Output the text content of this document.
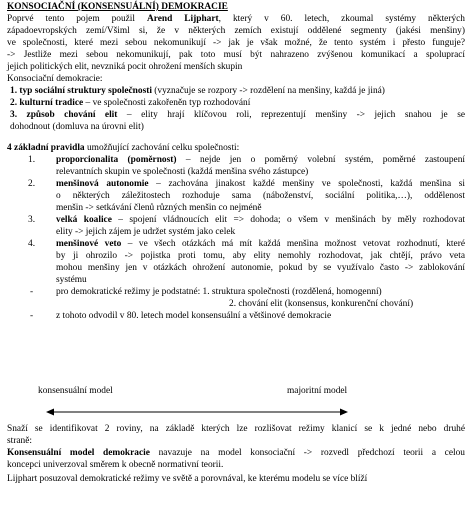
KONSOCIAČNÍ (KONSENSUÁLNÍ) DEMOKRACIE
Poprvé tento pojem použil Arend Lijphart, který v 60. letech, zkoumal systémy některých
západoevropských zemí/Všiml si, že v některých zemích existují oddělené segmenty (jakési menšiny)
ve společnosti, které mezi sebou nekomunikují -> jak je však možné, že tento systém i přesto funguje?
-> Jestliže mezi sebou nekomunikují, pak toto musí být nahrazeno zvýšenou komunikací a spoluprací
jejich politických elit, nevzniká pocit ohrožení menších skupin
Konsociační demokracie:
1. typ sociální struktury společnosti (vyznačuje se rozpory -> rozdělení na menšiny, každá je jiná)
2. kulturní tradice – ve společnosti zakořeněn typ rozhodování
3. způsob chování elit – elity hrají klíčovou roli, reprezentují menšiny -> jejich snahou je se
dohodnout (domluva na úrovni elit)
4 základní pravidla umožňující zachování celku společnosti:
1. proporcionalita (poměrnost) – nejde jen o poměrný volební systém, poměrné zastoupení
relevantních skupin ve společnosti (každá menšina svého zástupce)
2. menšinová autonomie – zachována jinakost každé menšiny ve společnosti, každá menšina si
o některých záležitostech rozhoduje sama (náboženství, sociální politika,…), oddělenost
menšin -> setkávání členů různých menšin co nejméně
3. velká koalice – spojení vládnoucích elit => dohoda; o všem v menšinách by měly rozhodovat
elity -> jejich zájem je udržet systém jako celek
4. menšinové veto – ve všech otázkách má mít každá menšina možnost vetovat rozhodnutí, které
by ji ohrozilo -> pojistka proti tomu, aby elity nemohly rozhodovat, jak chtějí, právo veta
mohou menšiny jen v otázkách ohrožení autonomie, pokud by se využívalo často -> zablokování
systému
- pro demokratické režimy je podstatné: 1. struktura společnosti (rozdělená, homogenní)
2. chování elit (konsensus, konkurenční chování)
- z tohoto odvodil v 80. letech model konsensuální a většinové demokracie
konsensuální model	majoritní model
Snaží se identifikovat 2 roviny, na základě kterých lze rozlišovat režimy klanicí se k jedné nebo druhé
straně:
Konsensuální model demokracie navazuje na model konsociační -> rozvedl předchozí teorii a celou
koncepci univerzoval směrem k obecně normativní teorii.
Lijphart posuzoval demokratické režimy ve světě a porovnával, ke kterému modelu se více blíží
